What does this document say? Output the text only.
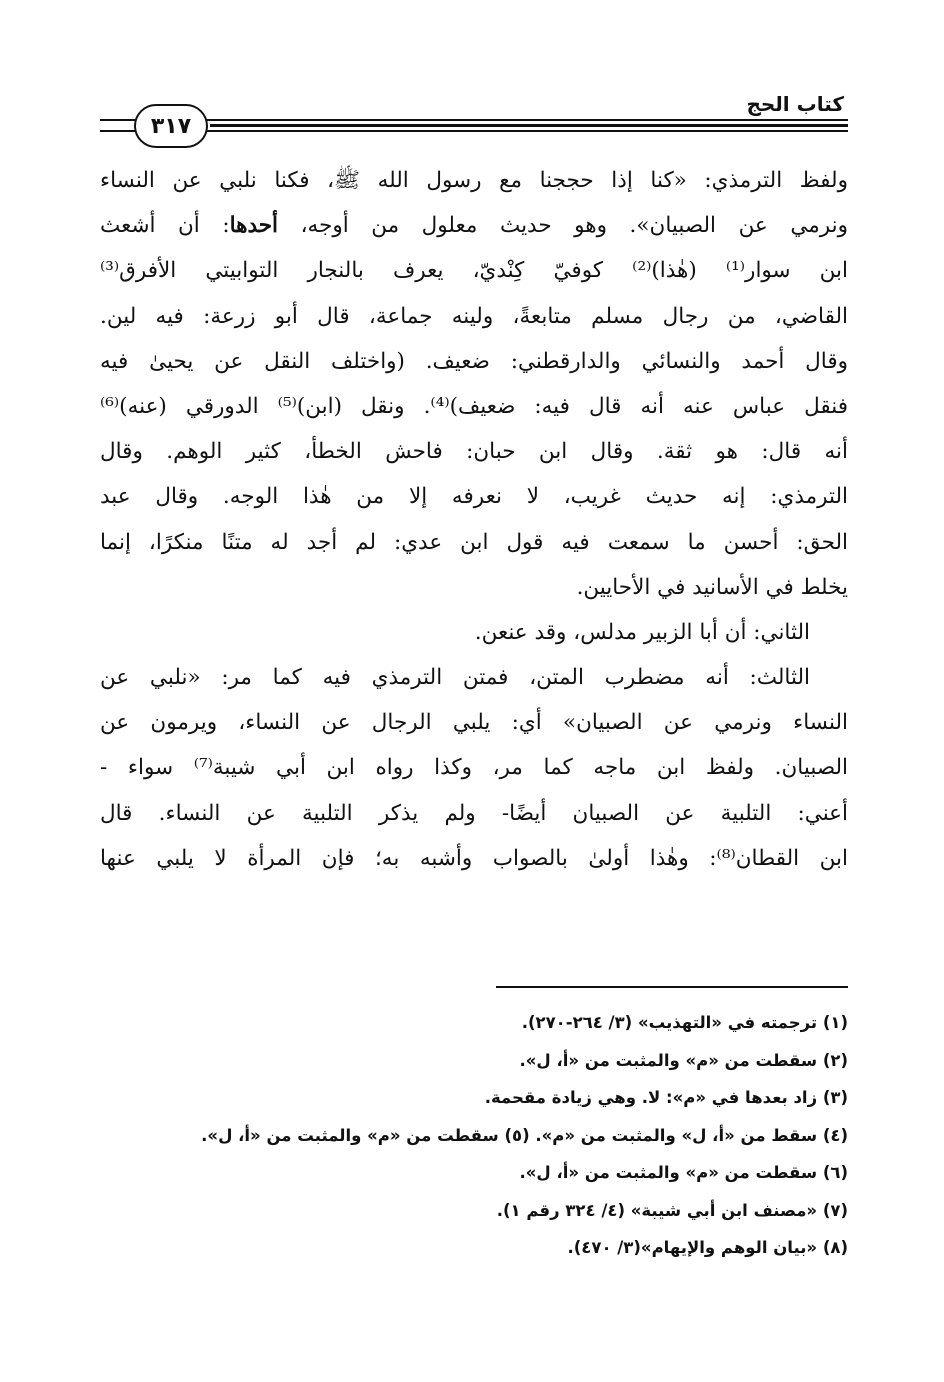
كتاب الحج
٣١٧
ولفظ الترمذي: «كنا إذا حججنا مع رسول الله ﷺ، فكنا نلبي عن النساء
ونرمي عن الصبيان». وهو حديث معلول من أوجه، أحدها: أن أشعث
ابن سوار⁽¹⁾ (هٰذا)⁽²⁾ كوفيّ كِنْديّ، يعرف بالنجار التوابيتي الأفرق⁽³⁾
القاضي، من رجال مسلم متابعةً، ولينه جماعة، قال أبو زرعة: فيه لين.
وقال أحمد والنسائي والدارقطني: ضعيف. (واختلف النقل عن يحيىٰ فيه
فنقل عباس عنه أنه قال فيه: ضعيف)⁽⁴⁾. ونقل (ابن)⁽⁵⁾ الدورقي (عنه)⁽⁶⁾
أنه قال: هو ثقة. وقال ابن حبان: فاحش الخطأ، كثير الوهم. وقال
الترمذي: إنه حديث غريب، لا نعرفه إلا من هٰذا الوجه. وقال عبد
الحق: أحسن ما سمعت فيه قول ابن عدي: لم أجد له متنًا منكرًا، إنما
يخلط في الأسانيد في الأحايين.
الثاني: أن أبا الزبير مدلس، وقد عنعن.
الثالث: أنه مضطرب المتن، فمتن الترمذي فيه كما مر: «نلبي عن
النساء ونرمي عن الصبيان» أي: يلبي الرجال عن النساء، ويرمون عن
الصبيان. ولفظ ابن ماجه كما مر، وكذا رواه ابن أبي شيبة⁽⁷⁾ سواء -
أعني: التلبية عن الصبيان أيضًا- ولم يذكر التلبية عن النساء. قال
ابن القطان⁽⁸⁾: وهٰذا أولىٰ بالصواب وأشبه به؛ فإن المرأة لا يلبي عنها
(١) ترجمته في «التهذيب» (٣/ ٢٦٤-٢٧٠).
(٢) سقطت من «م» والمثبت من «أ، ل».
(٣) زاد بعدها في «م»: لا. وهي زيادة مقحمة.
(٤) سقط من «أ، ل» والمثبت من «م». (٥) سقطت من «م» والمثبت من «أ، ل».
(٦) سقطت من «م» والمثبت من «أ، ل».
(٧) «مصنف ابن أبي شيبة» (٤/ ٣٢٤ رقم ١).
(٨) «بيان الوهم والإيهام»(٣/ ٤٧٠).
